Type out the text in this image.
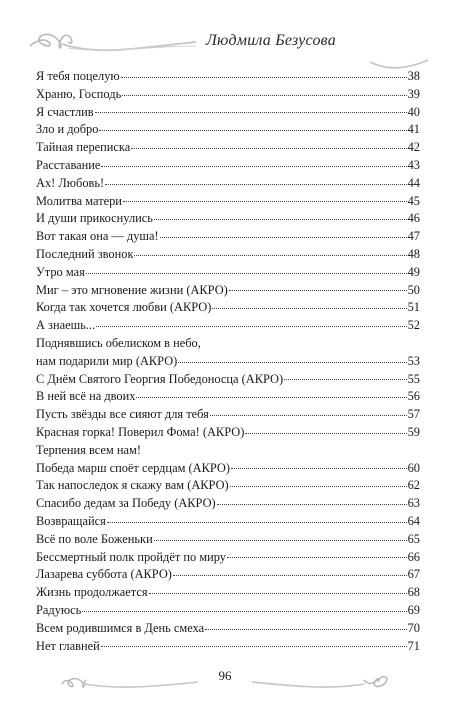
Людмила Безусова
Я тебя поцелую	38
Храню, Господь	39
Я счастлив	40
Зло и добро	41
Тайная переписка	42
Расставание	43
Ах! Любовь!	44
Молитва матери	45
И души прикоснулись	46
Вот такая она — душа!	47
Последний звонок	48
Утро мая	49
Миг – это мгновение жизни (АКРО)	50
Когда так хочется любви (АКРО)	51
А знаешь...	52
Поднявшись обелиском в небо,
нам подарили мир (АКРО)	53
С Днём Святого Георгия Победоносца (АКРО)	55
В ней всё на двоих	56
Пусть звёзды все сияют для тебя	57
Красная горка! Поверил Фома! (АКРО)	59
Терпения всем нам!
Победа марш споёт сердцам (АКРО)	60
Так напоследок я скажу вам (АКРО)	62
Спасибо дедам за Победу (АКРО)	63
Возвращайся	64
Всё по воле Боженьки	65
Бессмертный полк пройдёт по миру	66
Лазарева суббота (АКРО)	67
Жизнь продолжается	68
Радуюсь	69
Всем родившимся в День смеха	70
Нет главней	71
96
